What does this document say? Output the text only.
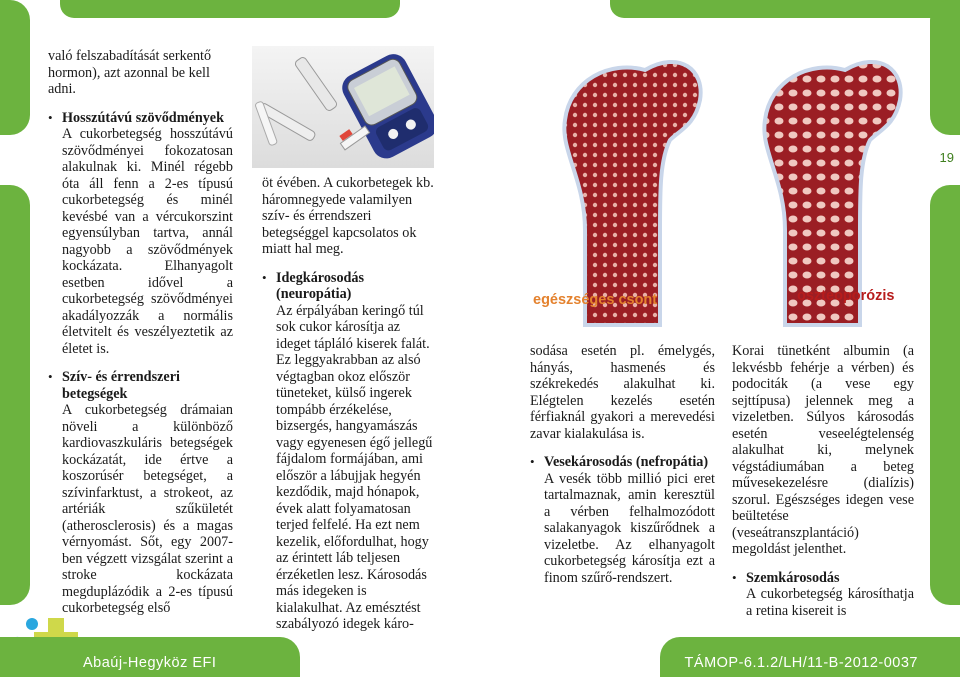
18	19

való felszabadítását serkentő hormon), azt azonnal be kell adni.

• Hosszútávú szövődmények

A cukorbetegség hosszútávú szövődményei fokozatosan alakulnak ki. Minél régebb óta áll fenn a 2-es típusú cukorbetegség és minél kevésbé van a vércukorszint egyensúlyban tartva, annál nagyobb a szövődmények kockázata. Elhanyagolt esetben idővel a cukorbetegség szövődményei akadályozzák a normális életvitelt és veszélyeztetik az életet is.

• Szív- és érrendszeri betegségek

A cukorbetegség drámaian növeli a különböző kardiovaszkuláris betegségek kockázatát, ide értve a koszorúsér betegséget, a szívinfarktust, a strokeot, az artériák szűkületét (atherosclerosis) és a magas vérnyomást. Sőt, egy 2007-ben végzett vizsgálat szerint a stroke kockázata megduplázódik a 2-es típusú cukorbetegség első

öt évében. A cukorbetegek kb. háromnegyede valamilyen szív- és érrendszeri betegséggel kapcsolatos ok miatt hal meg.

• Idegkárosodás (neuropátia)

Az érpályában keringő túl sok cukor károsítja az ideget tápláló kiserek falát. Ez leggyakrabban az alsó végtagban okoz először tüneteket, külső ingerek tompább érzékelése, bizsergés, hangyamászás vagy egyenesen égő jellegű fájdalom formájában, ami először a lábujjak hegyén kezdődik, majd hónapok, évek alatt folyamatosan terjed felfelé. Ha ezt nem kezelik, előfordulhat, hogy az érintett láb teljesen érzéketlen lesz. Károsodás más idegeken is kialakulhat. Az emésztést szabályozó idegek káro-

egészséges csont	oszteoporózis

sodása esetén pl. émelygés, hányás, hasmenés és székrekedés alakulhat ki. Elégtelen kezelés esetén férfiaknál gyakori a merevedési zavar kialakulása is.

• Vesekárosodás (nefropátia)

A vesék több millió pici eret tartalmaznak, amin keresztül a vérben felhalmozódott salakanyagok kiszűrődnek a vizeletbe. Az elhanyagolt cukorbetegség károsítja ezt a finom szűrő-rendszert.

Korai tünetként albumin (a lekvésbb fehérje a vérben) és podociták (a vese egy sejttípusa) jelennek meg a vizeletben. Súlyos károsodás esetén veseelégtelenség alakulhat ki, melynek végstádiumában a beteg művesekezelésre (dialízis) szorul. Egészséges idegen vese beültetése (veseátranszplantáció) megoldást jelenthet.

• Szemkárosodás

A cukorbetegség károsíthatja a retina kisereit is

Abaúj-Hegyköz EFI	TÁMOP-6.1.2/LH/11-B-2012-0037
